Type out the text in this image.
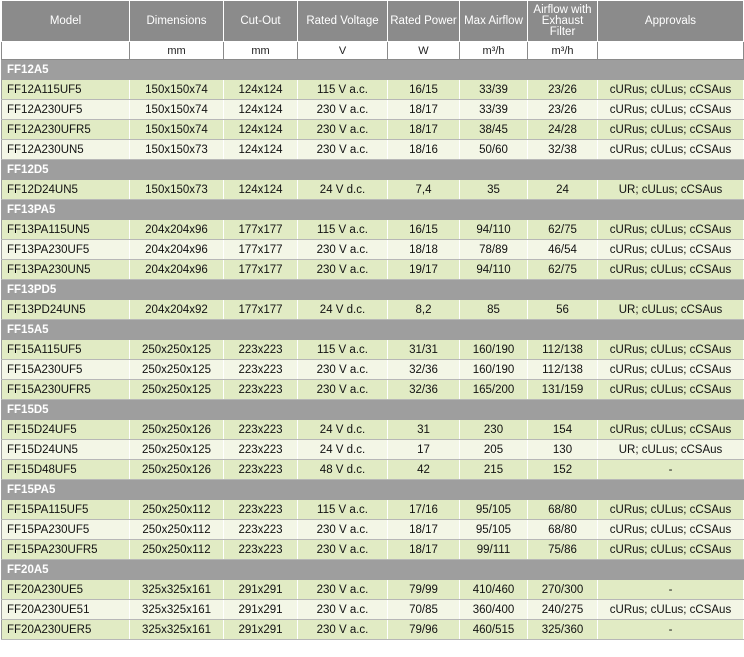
Model	Dimensions	Cut-Out	Rated Voltage	Rated Power	Max Airflow	Airflow with Exhaust Filter	Approvals
	mm	mm	V	W	m³/h	m³/h	
FF12A5							
FF12A115UF5	150x150x74	124x124	115 V a.c.	16/15	33/39	23/26	cURus; cULus; cCSAus
FF12A230UF5	150x150x74	124x124	230 V a.c.	18/17	33/39	23/26	cURus; cULus; cCSAus
FF12A230UFR5	150x150x74	124x124	230 V a.c.	18/17	38/45	24/28	cURus; cULus; cCSAus
FF12A230UN5	150x150x73	124x124	230 V a.c.	18/16	50/60	32/38	cURus; cULus; cCSAus
FF12D5							
FF12D24UN5	150x150x73	124x124	24 V d.c.	7,4	35	24	UR; cULus; cCSAus
FF13PA5							
FF13PA115UN5	204x204x96	177x177	115 V a.c.	16/15	94/110	62/75	cURus; cULus; cCSAus
FF13PA230UF5	204x204x96	177x177	230 V a.c.	18/18	78/89	46/54	cURus; cULus; cCSAus
FF13PA230UN5	204x204x96	177x177	230 V a.c.	19/17	94/110	62/75	cURus; cULus; cCSAus
FF13PD5							
FF13PD24UN5	204x204x92	177x177	24 V d.c.	8,2	85	56	UR; cULus; cCSAus
FF15A5							
FF15A115UF5	250x250x125	223x223	115 V a.c.	31/31	160/190	112/138	cURus; cULus; cCSAus
FF15A230UF5	250x250x125	223x223	230 V a.c.	32/36	160/190	112/138	cURus; cULus; cCSAus
FF15A230UFR5	250x250x125	223x223	230 V a.c.	32/36	165/200	131/159	cURus; cULus; cCSAus
FF15D5							
FF15D24UF5	250x250x126	223x223	24 V d.c.	31	230	154	cURus; cULus; cCSAus
FF15D24UN5	250x250x125	223x223	24 V d.c.	17	205	130	UR; cULus; cCSAus
FF15D48UF5	250x250x126	223x223	48 V d.c.	42	215	152	-
FF15PA5							
FF15PA115UF5	250x250x112	223x223	115 V a.c.	17/16	95/105	68/80	cURus; cULus; cCSAus
FF15PA230UF5	250x250x112	223x223	230 V a.c.	18/17	95/105	68/80	cURus; cULus; cCSAus
FF15PA230UFR5	250x250x112	223x223	230 V a.c.	18/17	99/111	75/86	cURus; cULus; cCSAus
FF20A5							
FF20A230UE5	325x325x161	291x291	230 V a.c.	79/99	410/460	270/300	-
FF20A230UE51	325x325x161	291x291	230 V a.c.	70/85	360/400	240/275	cURus; cULus; cCSAus
FF20A230UER5	325x325x161	291x291	230 V a.c.	79/96	460/515	325/360	-
